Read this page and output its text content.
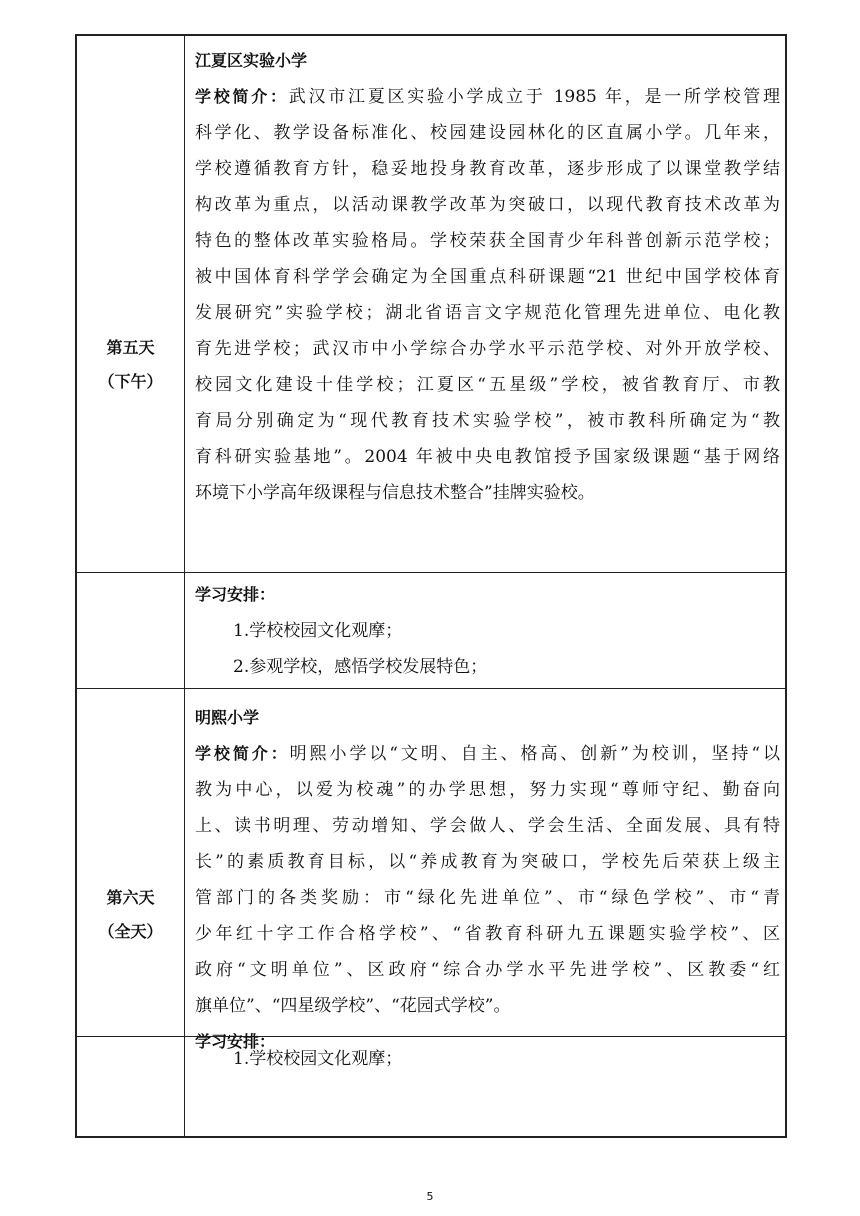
第五天
（下午）
江夏区实验小学
学校简介：武汉市江夏区实验小学成立于 1985 年，是一所学校管理
科学化、教学设备标准化、校园建设园林化的区直属小学。几年来，
学校遵循教育方针，稳妥地投身教育改革，逐步形成了以课堂教学结
构改革为重点，以活动课教学改革为突破口，以现代教育技术改革为
特色的整体改革实验格局。学校荣获全国青少年科普创新示范学校；
被中国体育科学学会确定为全国重点科研课题“21 世纪中国学校体育
发展研究”实验学校；湖北省语言文字规范化管理先进单位、电化教
育先进学校；武汉市中小学综合办学水平示范学校、对外开放学校、
校园文化建设十佳学校；江夏区“五星级”学校，被省教育厅、市教
育局分别确定为“现代教育技术实验学校”，被市教科所确定为“教
育科研实验基地”。2004 年被中央电教馆授予国家级课题“基于网络
环境下小学高年级课程与信息技术整合”挂牌实验校。
学习安排：
1.学校校园文化观摩；
2.参观学校，感悟学校发展特色；
第六天
（全天）
明熙小学
学校简介：明熙小学以“文明、自主、格高、创新”为校训，坚持“以
教为中心，以爱为校魂”的办学思想，努力实现“尊师守纪、勤奋向
上、读书明理、劳动增知、学会做人、学会生活、全面发展、具有特
长”的素质教育目标，以“养成教育为突破口，学校先后荣获上级主
管部门的各类奖励：市“绿化先进单位”、市“绿色学校”、市“青
少年红十字工作合格学校”、“省教育科研九五课题实验学校”、区
政府“文明单位”、区政府“综合办学水平先进学校”、区教委“红
旗单位”、“四星级学校”、“花园式学校”。
学习安排：
1.学校校园文化观摩；
5
